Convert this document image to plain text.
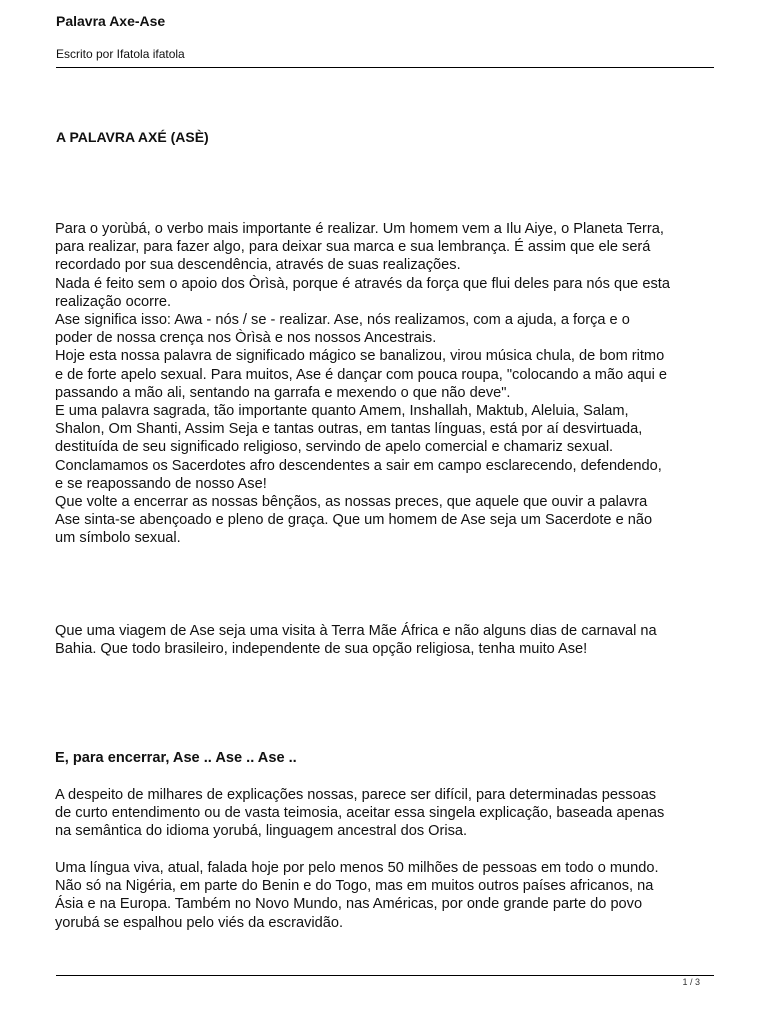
Palavra Axe-Ase
Escrito por Ifatola ifatola
A PALAVRA AXÉ (ASÈ)

Para o yorùbá, o verbo mais importante é realizar. Um homem vem a Ilu Aiye, o Planeta Terra,
para realizar, para fazer algo, para deixar sua marca e sua lembrança. É assim que ele será
recordado por sua descendência, através de suas realizações.
Nada é feito sem o apoio dos Òrìsà, porque é através da força que flui deles para nós que esta
realização ocorre.
Ase significa isso: Awa - nós / se - realizar. Ase, nós realizamos, com a ajuda, a força e o
poder de nossa crença nos Òrìsà e nos nossos Ancestrais.
Hoje esta nossa palavra de significado mágico se banalizou, virou música chula, de bom ritmo
e de forte apelo sexual. Para muitos, Ase é dançar com pouca roupa, "colocando a mão aqui e
passando a mão ali, sentando na garrafa e mexendo o que não deve".
E uma palavra sagrada, tão importante quanto Amem, Inshallah, Maktub, Aleluia, Salam,
Shalon, Om Shanti, Assim Seja e tantas outras, em tantas línguas, está por aí desvirtuada,
destituída de seu significado religioso, servindo de apelo comercial e chamariz sexual.
Conclamamos os Sacerdotes afro descendentes a sair em campo esclarecendo, defendendo,
e se reapossando de nosso Ase!
Que volte a encerrar as nossas bênçãos, as nossas preces, que aquele que ouvir a palavra
Ase sinta-se abençoado e pleno de graça. Que um homem de Ase seja um Sacerdote e não
um símbolo sexual.

Que uma viagem de Ase seja uma visita à Terra Mãe África e não alguns dias de carnaval na
Bahia. Que todo brasileiro, independente de sua opção religiosa, tenha muito Ase!

E, para encerrar, Ase .. Ase .. Ase ..

A despeito de milhares de explicações nossas, parece ser difícil, para determinadas pessoas
de curto entendimento ou de vasta teimosia, aceitar essa singela explicação, baseada apenas
na semântica do idioma yorubá, linguagem ancestral dos Orisa.

Uma língua viva, atual, falada hoje por pelo menos 50 milhões de pessoas em todo o mundo.
Não só na Nigéria, em parte do Benin e do Togo, mas em muitos outros países africanos, na
Ásia e na Europa. Também no Novo Mundo, nas Américas, por onde grande parte do povo
yorubá se espalhou pelo viés da escravidão.

1 / 3
